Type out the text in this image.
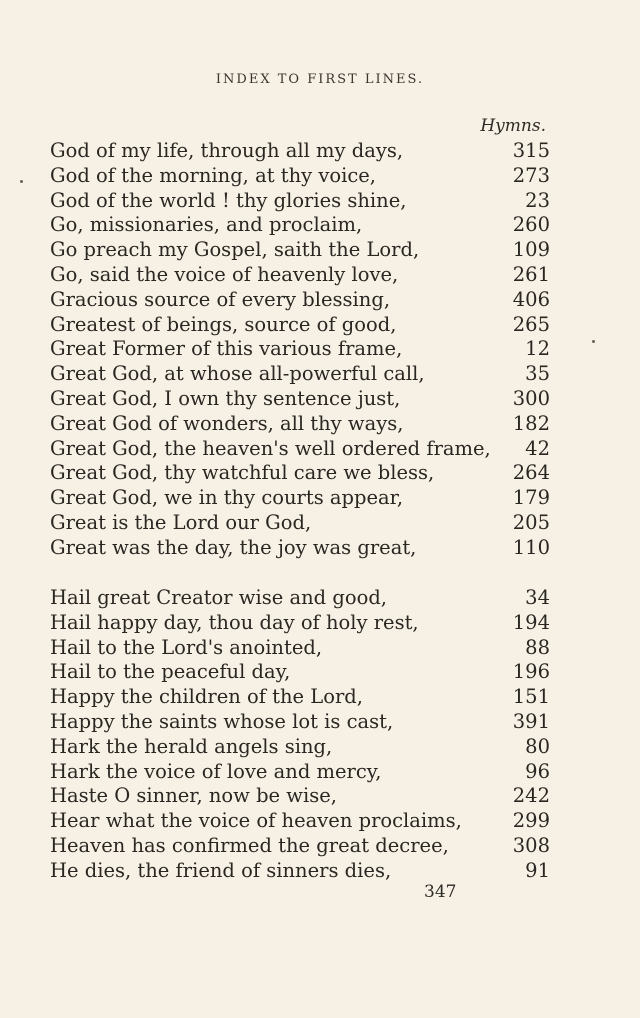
INDEX TO FIRST LINES.
Hymns.
God of my life, through all my days,	315
God of the morning, at thy voice,	273
God of the world ! thy glories shine,	23
Go, missionaries, and proclaim,	260
Go preach my Gospel, saith the Lord,	109
Go, said the voice of heavenly love,	261
Gracious source of every blessing,	406
Greatest of beings, source of good,	265
Great Former of this various frame,	12
Great God, at whose all-powerful call,	35
Great God, I own thy sentence just,	300
Great God of wonders, all thy ways,	182
Great God, the heaven's well ordered frame, 42
Great God, thy watchful care we bless,	264
Great God, we in thy courts appear,	179
Great is the Lord our God,	205
Great was the day, the joy was great,	110
Hail great Creator wise and good,	34
Hail happy day, thou day of holy rest,	194
Hail to the Lord's anointed,	88
Hail to the peaceful day,	196
Happy the children of the Lord,	151
Happy the saints whose lot is cast,	391
Hark the herald angels sing,	80
Hark the voice of love and mercy,	96
Haste O sinner, now be wise,	242
Hear what the voice of heaven proclaims,	299
Heaven has confirmed the great decree,	308
He dies, the friend of sinners dies,	91
347
